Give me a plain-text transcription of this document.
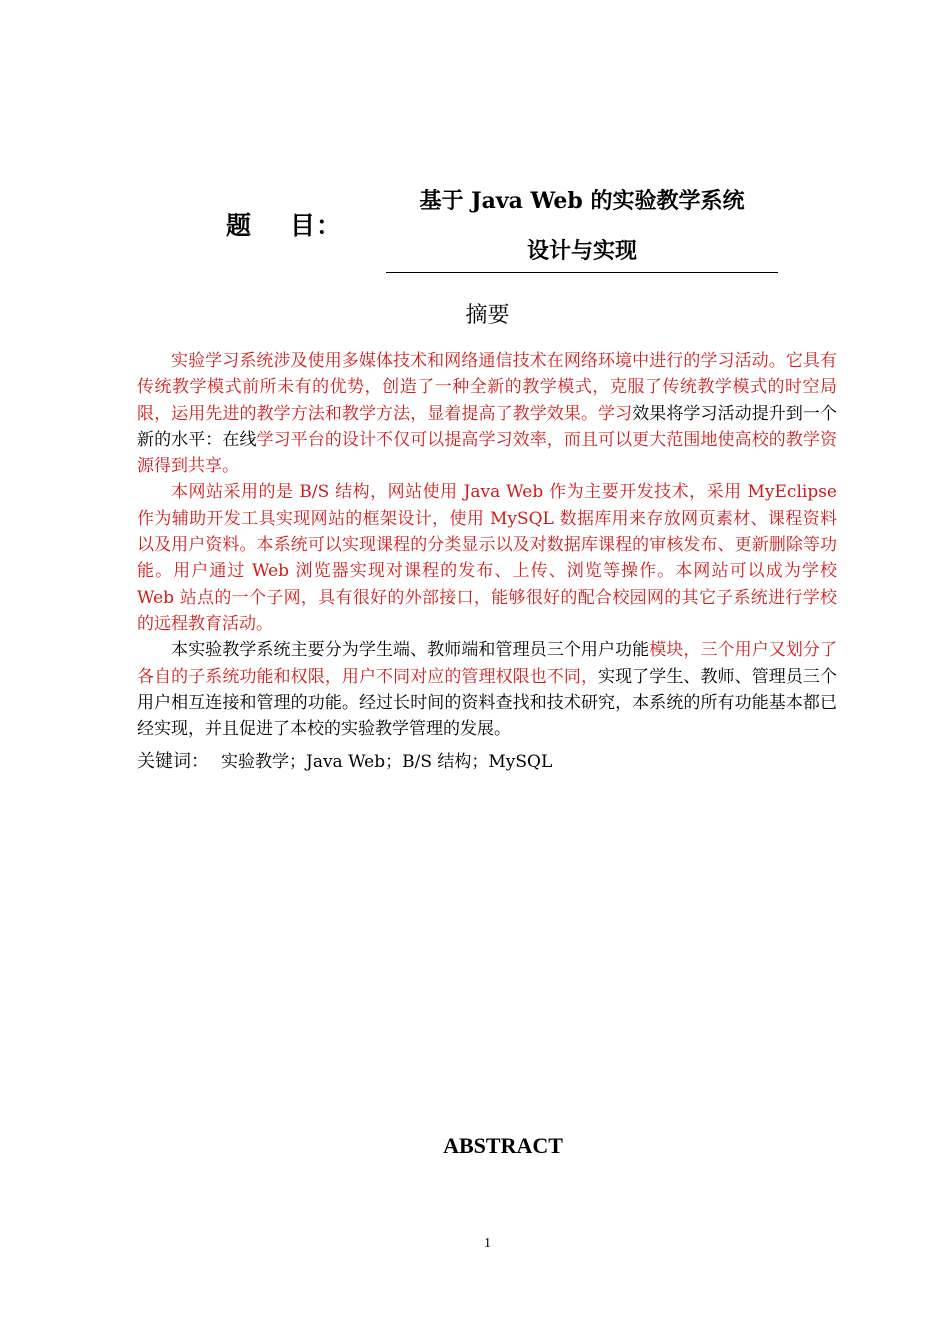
题 目：
基于 Java Web 的实验教学系统
设计与实现
摘要

实验学习系统涉及使用多媒体技术和网络通信技术在网络环境中进行的学习活动。它具有传统教学模式前所未有的优势，创造了一种全新的教学模式，克服了传统教学模式的时空局限，运用先进的教学方法和教学方法，显着提高了教学效果。学习效果将学习活动提升到一个新的水平：在线学习平台的设计不仅可以提高学习效率，而且可以更大范围地使高校的教学资源得到共享。

本网站采用的是 B/S 结构，网站使用 Java Web 作为主要开发技术，采用 MyEclipse 作为辅助开发工具实现网站的框架设计，使用 MySQL 数据库用来存放网页素材、课程资料以及用户资料。本系统可以实现课程的分类显示以及对数据库课程的审核发布、更新删除等功能。用户通过 Web 浏览器实现对课程的发布、上传、浏览等操作。本网站可以成为学校 Web 站点的一个子网，具有很好的外部接口，能够很好的配合校园网的其它子系统进行学校的远程教育活动。

本实验教学系统主要分为学生端、教师端和管理员三个用户功能模块，三个用户又划分了各自的子系统功能和权限，用户不同对应的管理权限也不同，实现了学生、教师、管理员三个用户相互连接和管理的功能。经过长时间的资料查找和技术研究，本系统的所有功能基本都已经实现，并且促进了本校的实验教学管理的发展。

关键词： 实验教学；Java Web；B/S 结构；MySQL
ABSTRACT
1
